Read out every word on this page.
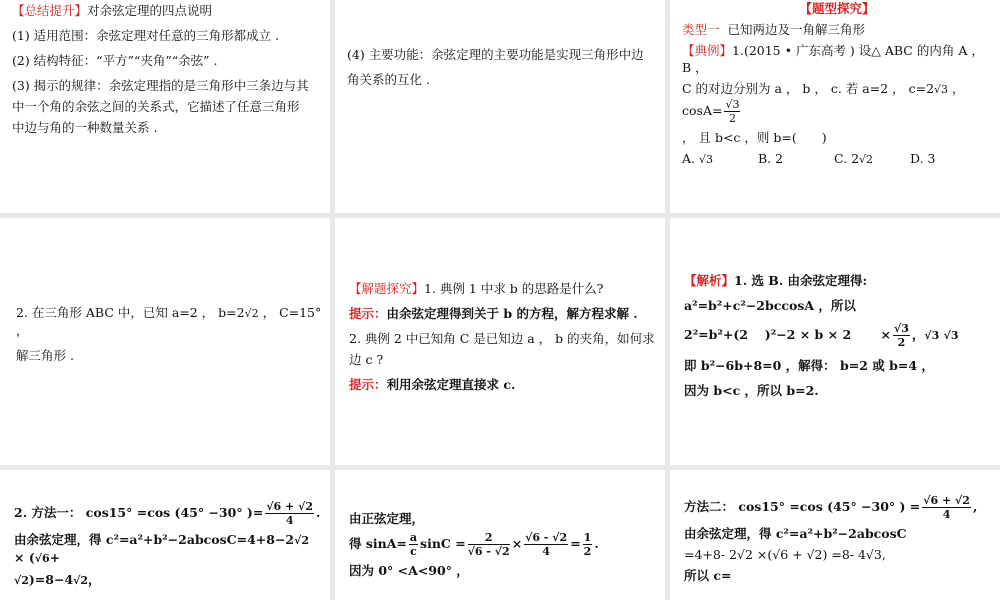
【总结提升】对余弦定理的四点说明
(1) 适用范围：余弦定理对任意的三角形都成立 .
(2) 结构特征：“平方”“夹角”“余弦” .
(3) 揭示的规律：余弦定理指的是三角形中三条边与其
中一个角的余弦之间的关系式，它描述了任意三角形
中边与角的一种数量关系 .
(4) 主要功能：余弦定理的主要功能是实现三角形中边
角关系的互化 .
【题型探究】
类型一 已知两边及一角解三角形
【典例】1.(2015 • 广东高考 ) 设△ ABC 的内角 A ， B ，
C 的对边分别为 a ， b ， c. 若 a=2 ， c=2√3 ， $\cos A= \frac{√3}{2}$
， 且 b<c ，则 b=(　　)
A. √3	B. 2	C. 2√2	D. 3
2. 在三角形 ABC 中，已知 a=2 ， b=2√2 ， C=15° ，
解三角形 .
【解题探究】1. 典例 1 中求 b 的思路是什么?
提示：由余弦定理得到关于 b 的方程，解方程求解 .
2. 典例 2 中已知角 C 是已知边 a ， b 的夹角，如何求
边 c ?
提示：利用余弦定理直接求 c.
【解析】1. 选 B. 由余弦定理得:
a²=b²+c²−2bccosA ，所以
2²=b²+(2　 )²−2 × b × 2　　 × $\frac{√3}{2}$ ，√3 √3
即 b²−6b+8=0 ，解得： b=2 或 b=4 ，
因为 b<c ，所以 b=2.
2. 方法一： cos15° =cos (45° −30° )= $\frac{√6 + √2}{4}$ .
由余弦定理，得 c²=a²+b²−2abcosC=4+8−2√2 × (√6+
√2)=8−4√2，
由正弦定理，
得 $\sin A= \frac{a}{c}$ $\sin C = \frac{2}{√6 - √2} \times \frac{√6 - √2}{4} = \frac{1}{2}$ .
因为 0° <A<90° ，
方法二： cos15° =cos (45° −30° ) = $\frac{√6 + √2}{4}$ ,
由余弦定理，得 c²=a²+b²−2abcosC
=4+8- 2√2 ×(√6 + √2) =8- 4√3,
所以 c=
